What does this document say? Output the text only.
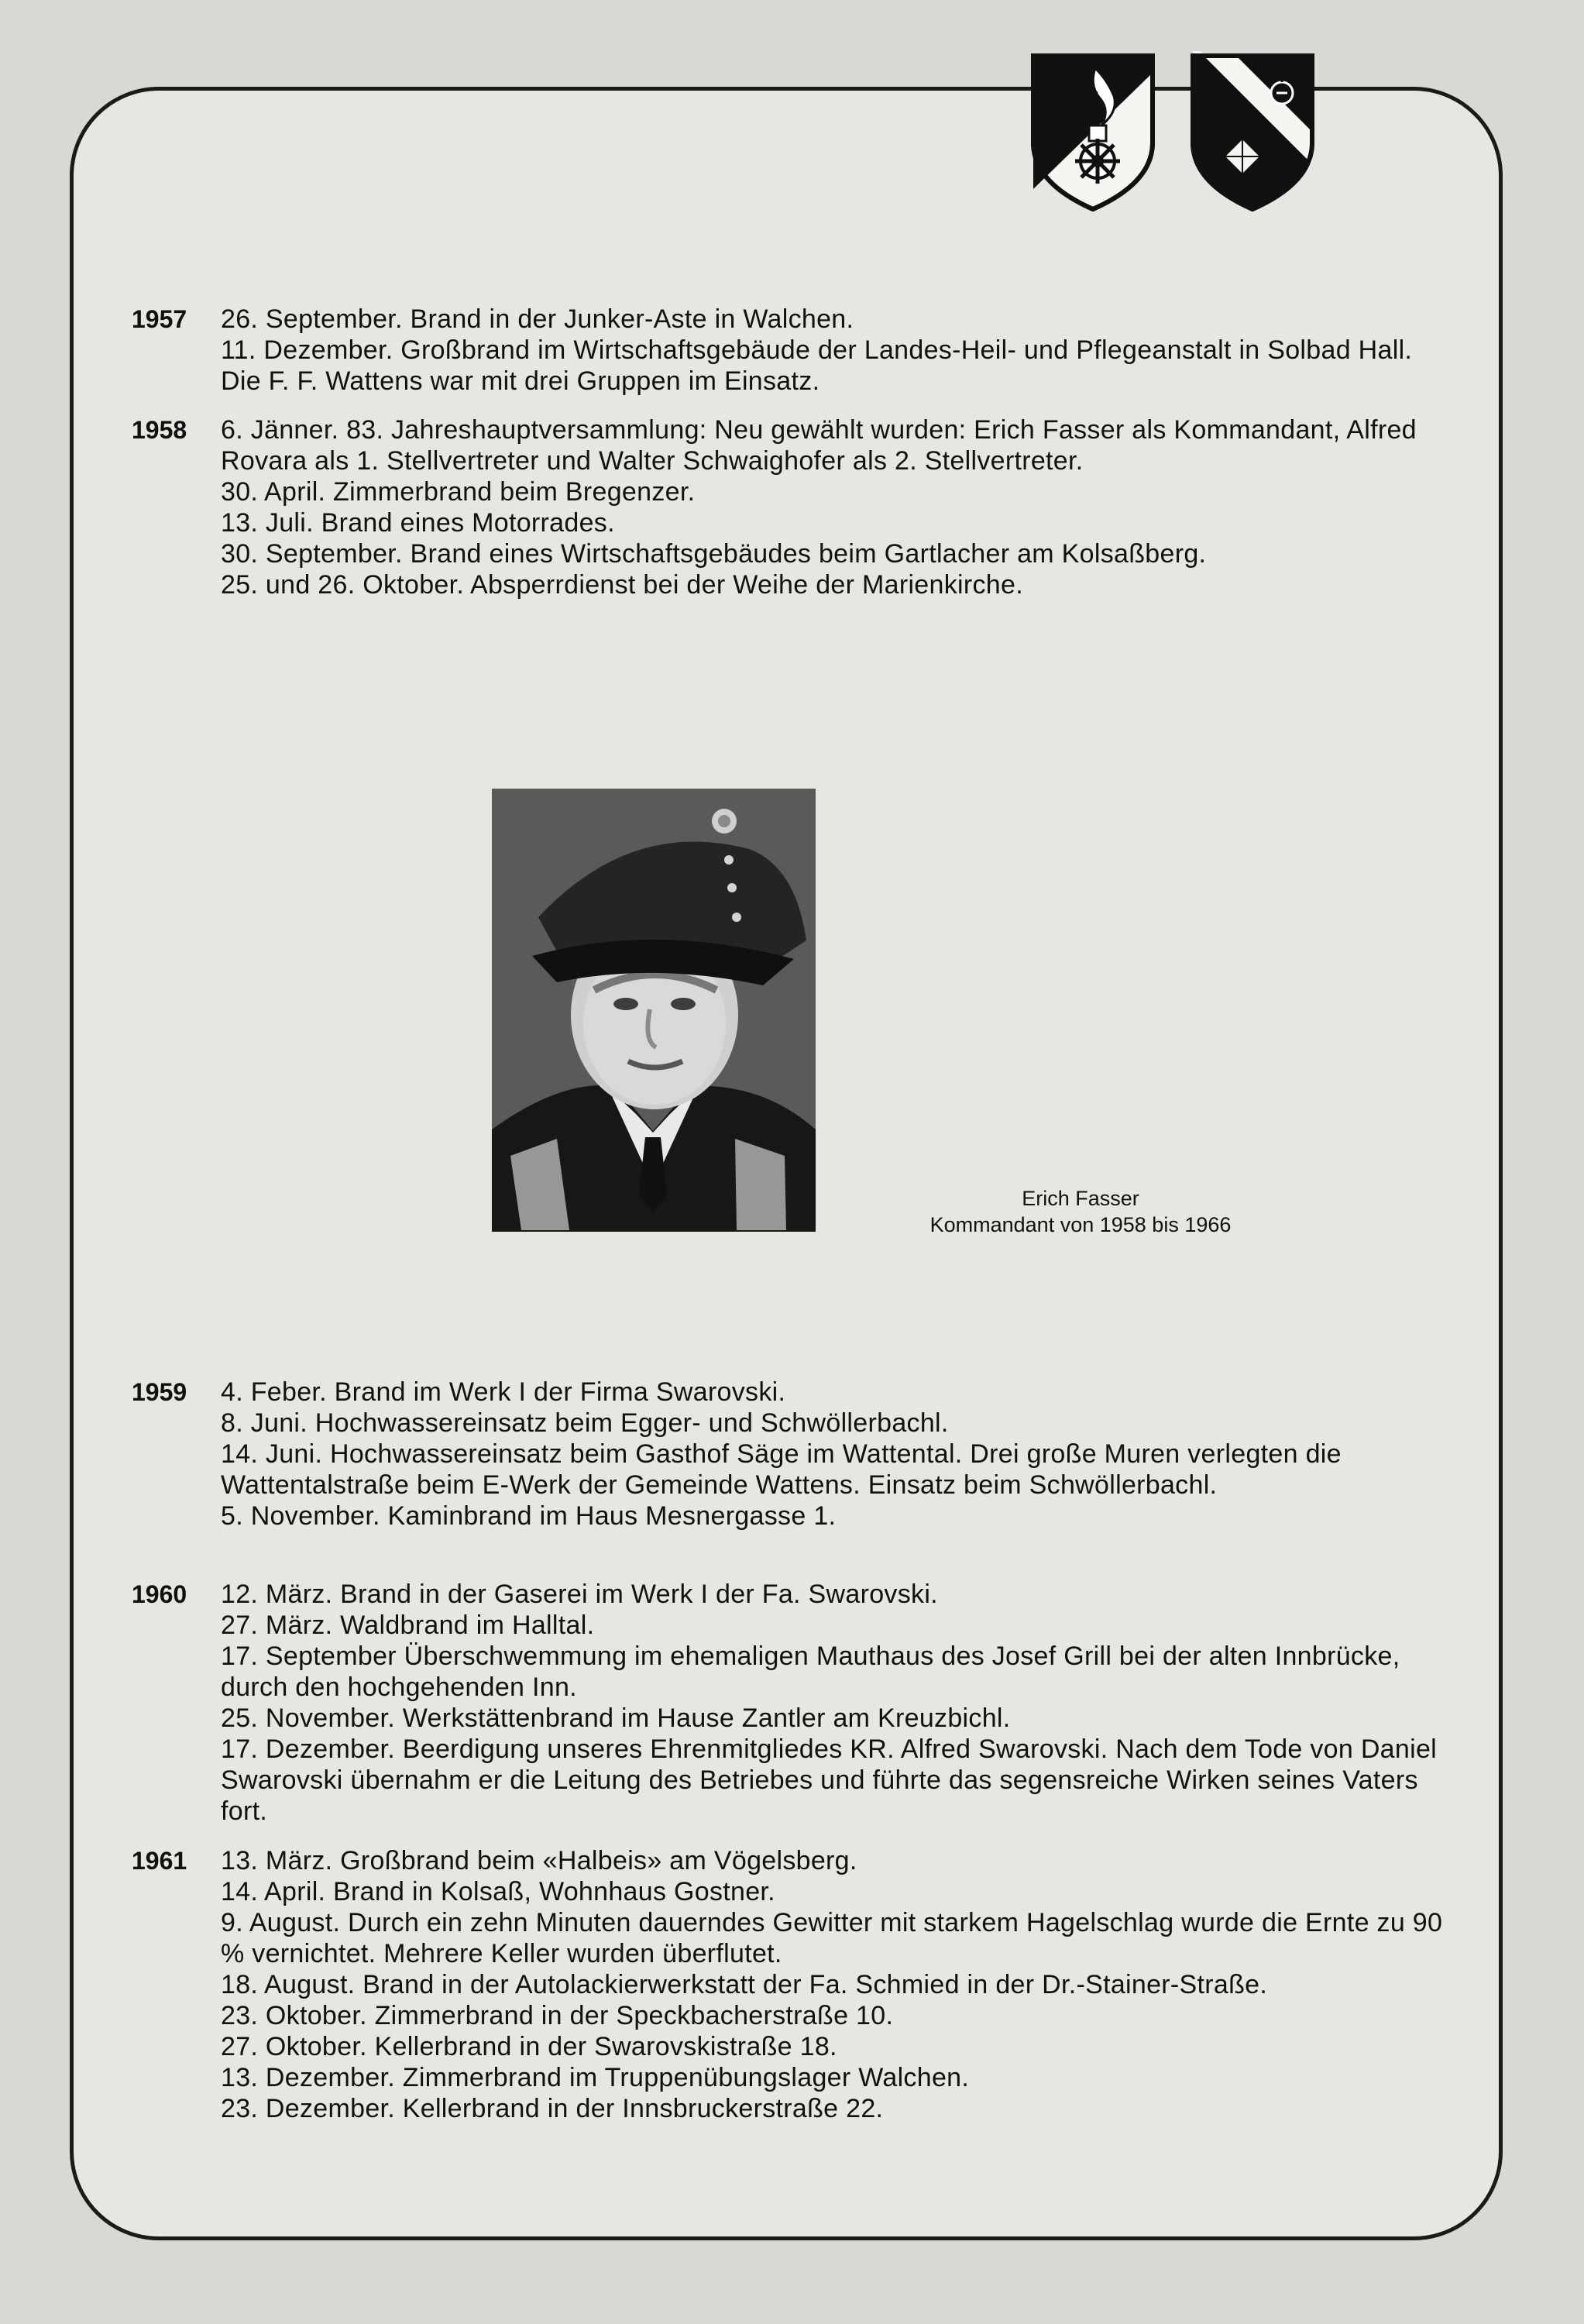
1957	26. September. Brand in der Junker-Aste in Walchen.

11. Dezember. Großbrand im Wirtschaftsgebäude der Landes-Heil- und Pflegeanstalt in Solbad Hall. Die F. F. Wattens war mit drei Gruppen im Einsatz.

1958	6. Jänner. 83. Jahreshauptversammlung: Neu gewählt wurden: Erich Fasser als Kommandant, Alfred Rovara als 1. Stellvertreter und Walter Schwaighofer als 2. Stellvertreter.

30. April. Zimmerbrand beim Bregenzer.

13. Juli. Brand eines Motorrades.

30. September. Brand eines Wirtschaftsgebäudes beim Gartlacher am Kolsaßberg.

25. und 26. Oktober. Absperrdienst bei der Weihe der Marienkirche.

Erich Fasser
Kommandant von 1958 bis 1966
1959	4. Feber. Brand im Werk I der Firma Swarovski.

8. Juni. Hochwassereinsatz beim Egger- und Schwöllerbachl.

14. Juni. Hochwassereinsatz beim Gasthof Säge im Wattental. Drei große Muren verlegten die Wattentalstraße beim E-Werk der Gemeinde Wattens. Einsatz beim Schwöllerbachl.

5. November. Kaminbrand im Haus Mesnergasse 1.

1960	12. März. Brand in der Gaserei im Werk I der Fa. Swarovski.

27. März. Waldbrand im Halltal.

17. September Überschwemmung im ehemaligen Mauthaus des Josef Grill bei der alten Innbrücke, durch den hochgehenden Inn.

25. November. Werkstättenbrand im Hause Zantler am Kreuzbichl.

17. Dezember. Beerdigung unseres Ehrenmitgliedes KR. Alfred Swarovski. Nach dem Tode von Daniel Swarovski übernahm er die Leitung des Betriebes und führte das segensreiche Wirken seines Vaters fort.

1961	13. März. Großbrand beim «Halbeis» am Vögelsberg.

14. April. Brand in Kolsaß, Wohnhaus Gostner.

9. August. Durch ein zehn Minuten dauerndes Gewitter mit starkem Hagelschlag wurde die Ernte zu 90 % vernichtet. Mehrere Keller wurden überflutet.

18. August. Brand in der Autolackierwerkstatt der Fa. Schmied in der Dr.-Stainer-Straße.

23. Oktober. Zimmerbrand in der Speckbacherstraße 10.

27. Oktober. Kellerbrand in der Swarovskistraße 18.

13. Dezember. Zimmerbrand im Truppenübungslager Walchen.

23. Dezember. Kellerbrand in der Innsbruckerstraße 22.
